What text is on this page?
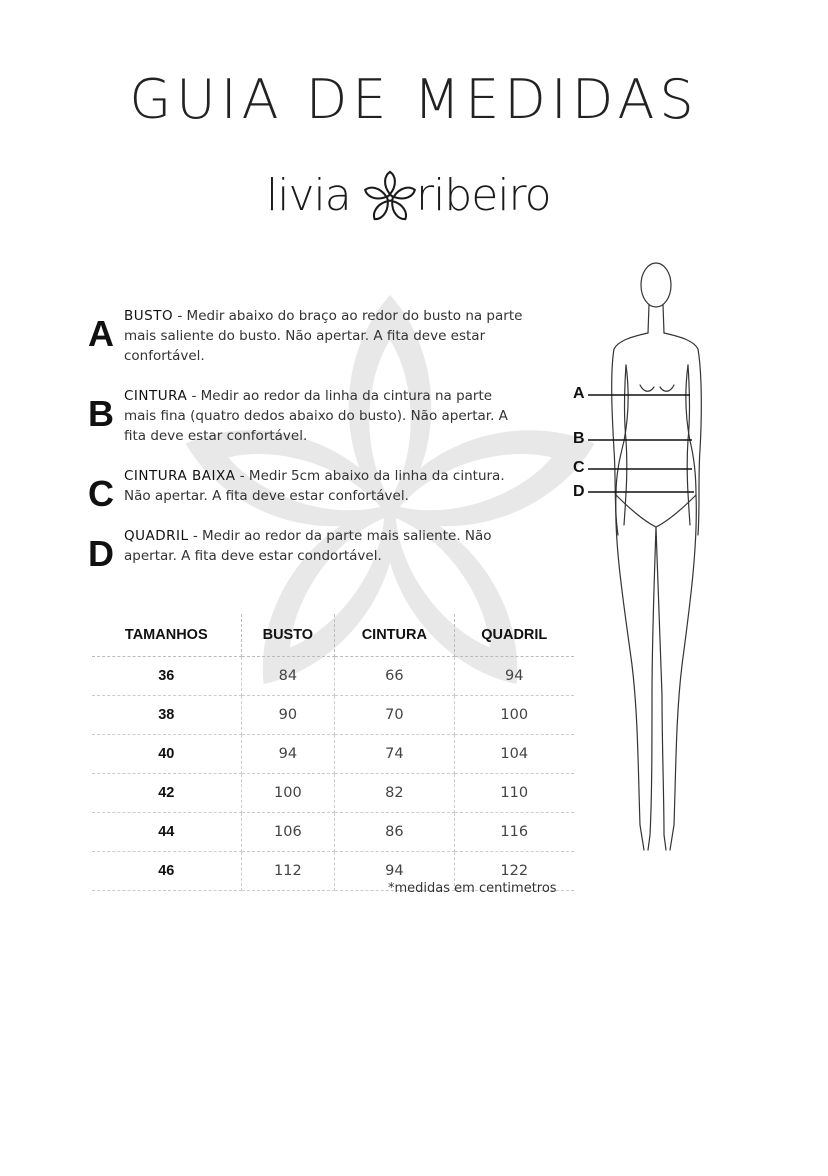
GUIA DE MEDIDAS
livia ribeiro
A BUSTO - Medir abaixo do braço ao redor do busto na parte mais saliente do busto. Não apertar. A fita deve estar confortável.
B CINTURA - Medir ao redor da linha da cintura na parte mais fina (quatro dedos abaixo do busto). Não apertar. A fita deve estar confortável.
C CINTURA BAIXA - Medir 5cm abaixo da linha da cintura. Não apertar. A fita deve estar confortável.
D QUADRIL - Medir ao redor da parte mais saliente. Não apertar. A fita deve estar condortável.
A
B
C
D
TAMANHOS	BUSTO	CINTURA	QUADRIL
36	84	66	94
38	90	70	100
40	94	74	104
42	100	82	110
44	106	86	116
46	112	94	122
*medidas em centimetros
